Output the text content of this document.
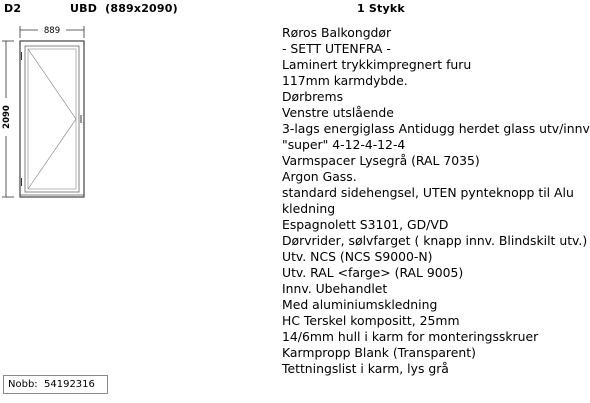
D2	UBD  (889x2090)	1 Stykk
889
2090
Røros Balkongdør
- SETT UTENFRA -
Laminert trykkimpregnert furu
117mm karmdybde.
Dørbrems
Venstre utslående
3-lags energiglass Antidugg herdet glass utv/innv
"super" 4-12-4-12-4
Varmspacer Lysegrå (RAL 7035)
Argon Gass.
standard sidehengsel, UTEN pynteknopp til Alu
kledning
Espagnolett S3101, GD/VD
Dørvrider, sølvfarget ( knapp innv. Blindskilt utv.)
Utv. NCS (NCS S9000-N)
Utv. RAL <farge> (RAL 9005)
Innv. Ubehandlet
Med aluminiumskledning
HC Terskel kompositt, 25mm
14/6mm hull i karm for monteringsskruer
Karmpropp Blank (Transparent)
Tettningslist i karm, lys grå
Nobb: 54192316
